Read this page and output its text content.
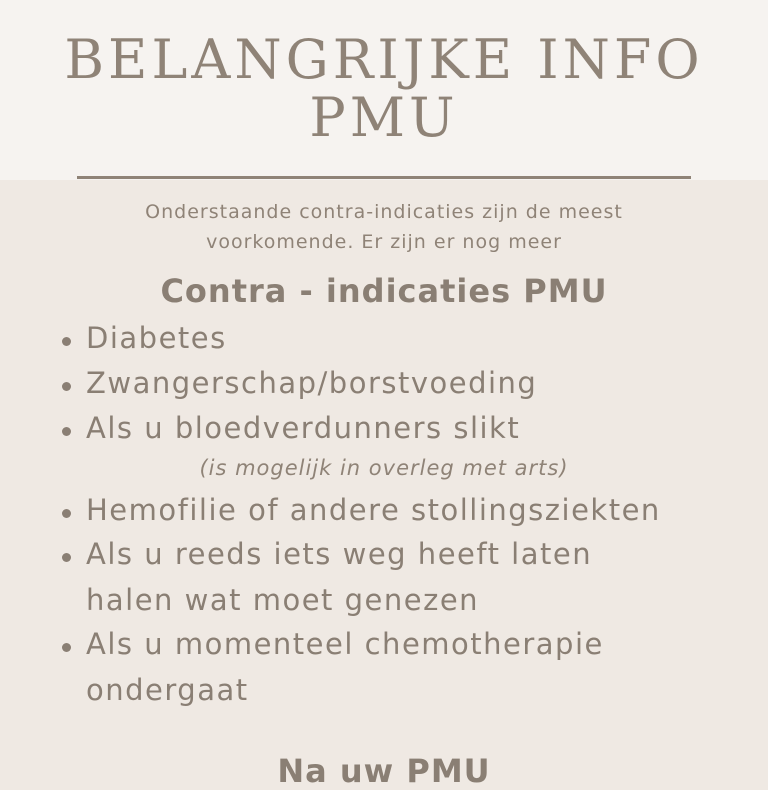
BELANGRIJKE INFO
PMU
Onderstaande contra-indicaties zijn de meest
voorkomende. Er zijn er nog meer
Contra - indicaties PMU
Diabetes
Zwangerschap/borstvoeding
Als u bloedverdunners slikt
(is mogelijk in overleg met arts)
Hemofilie of andere stollingsziekten
Als u reeds iets weg heeft laten
halen wat moet genezen
Als u momenteel chemotherapie
ondergaat
Na uw PMU
